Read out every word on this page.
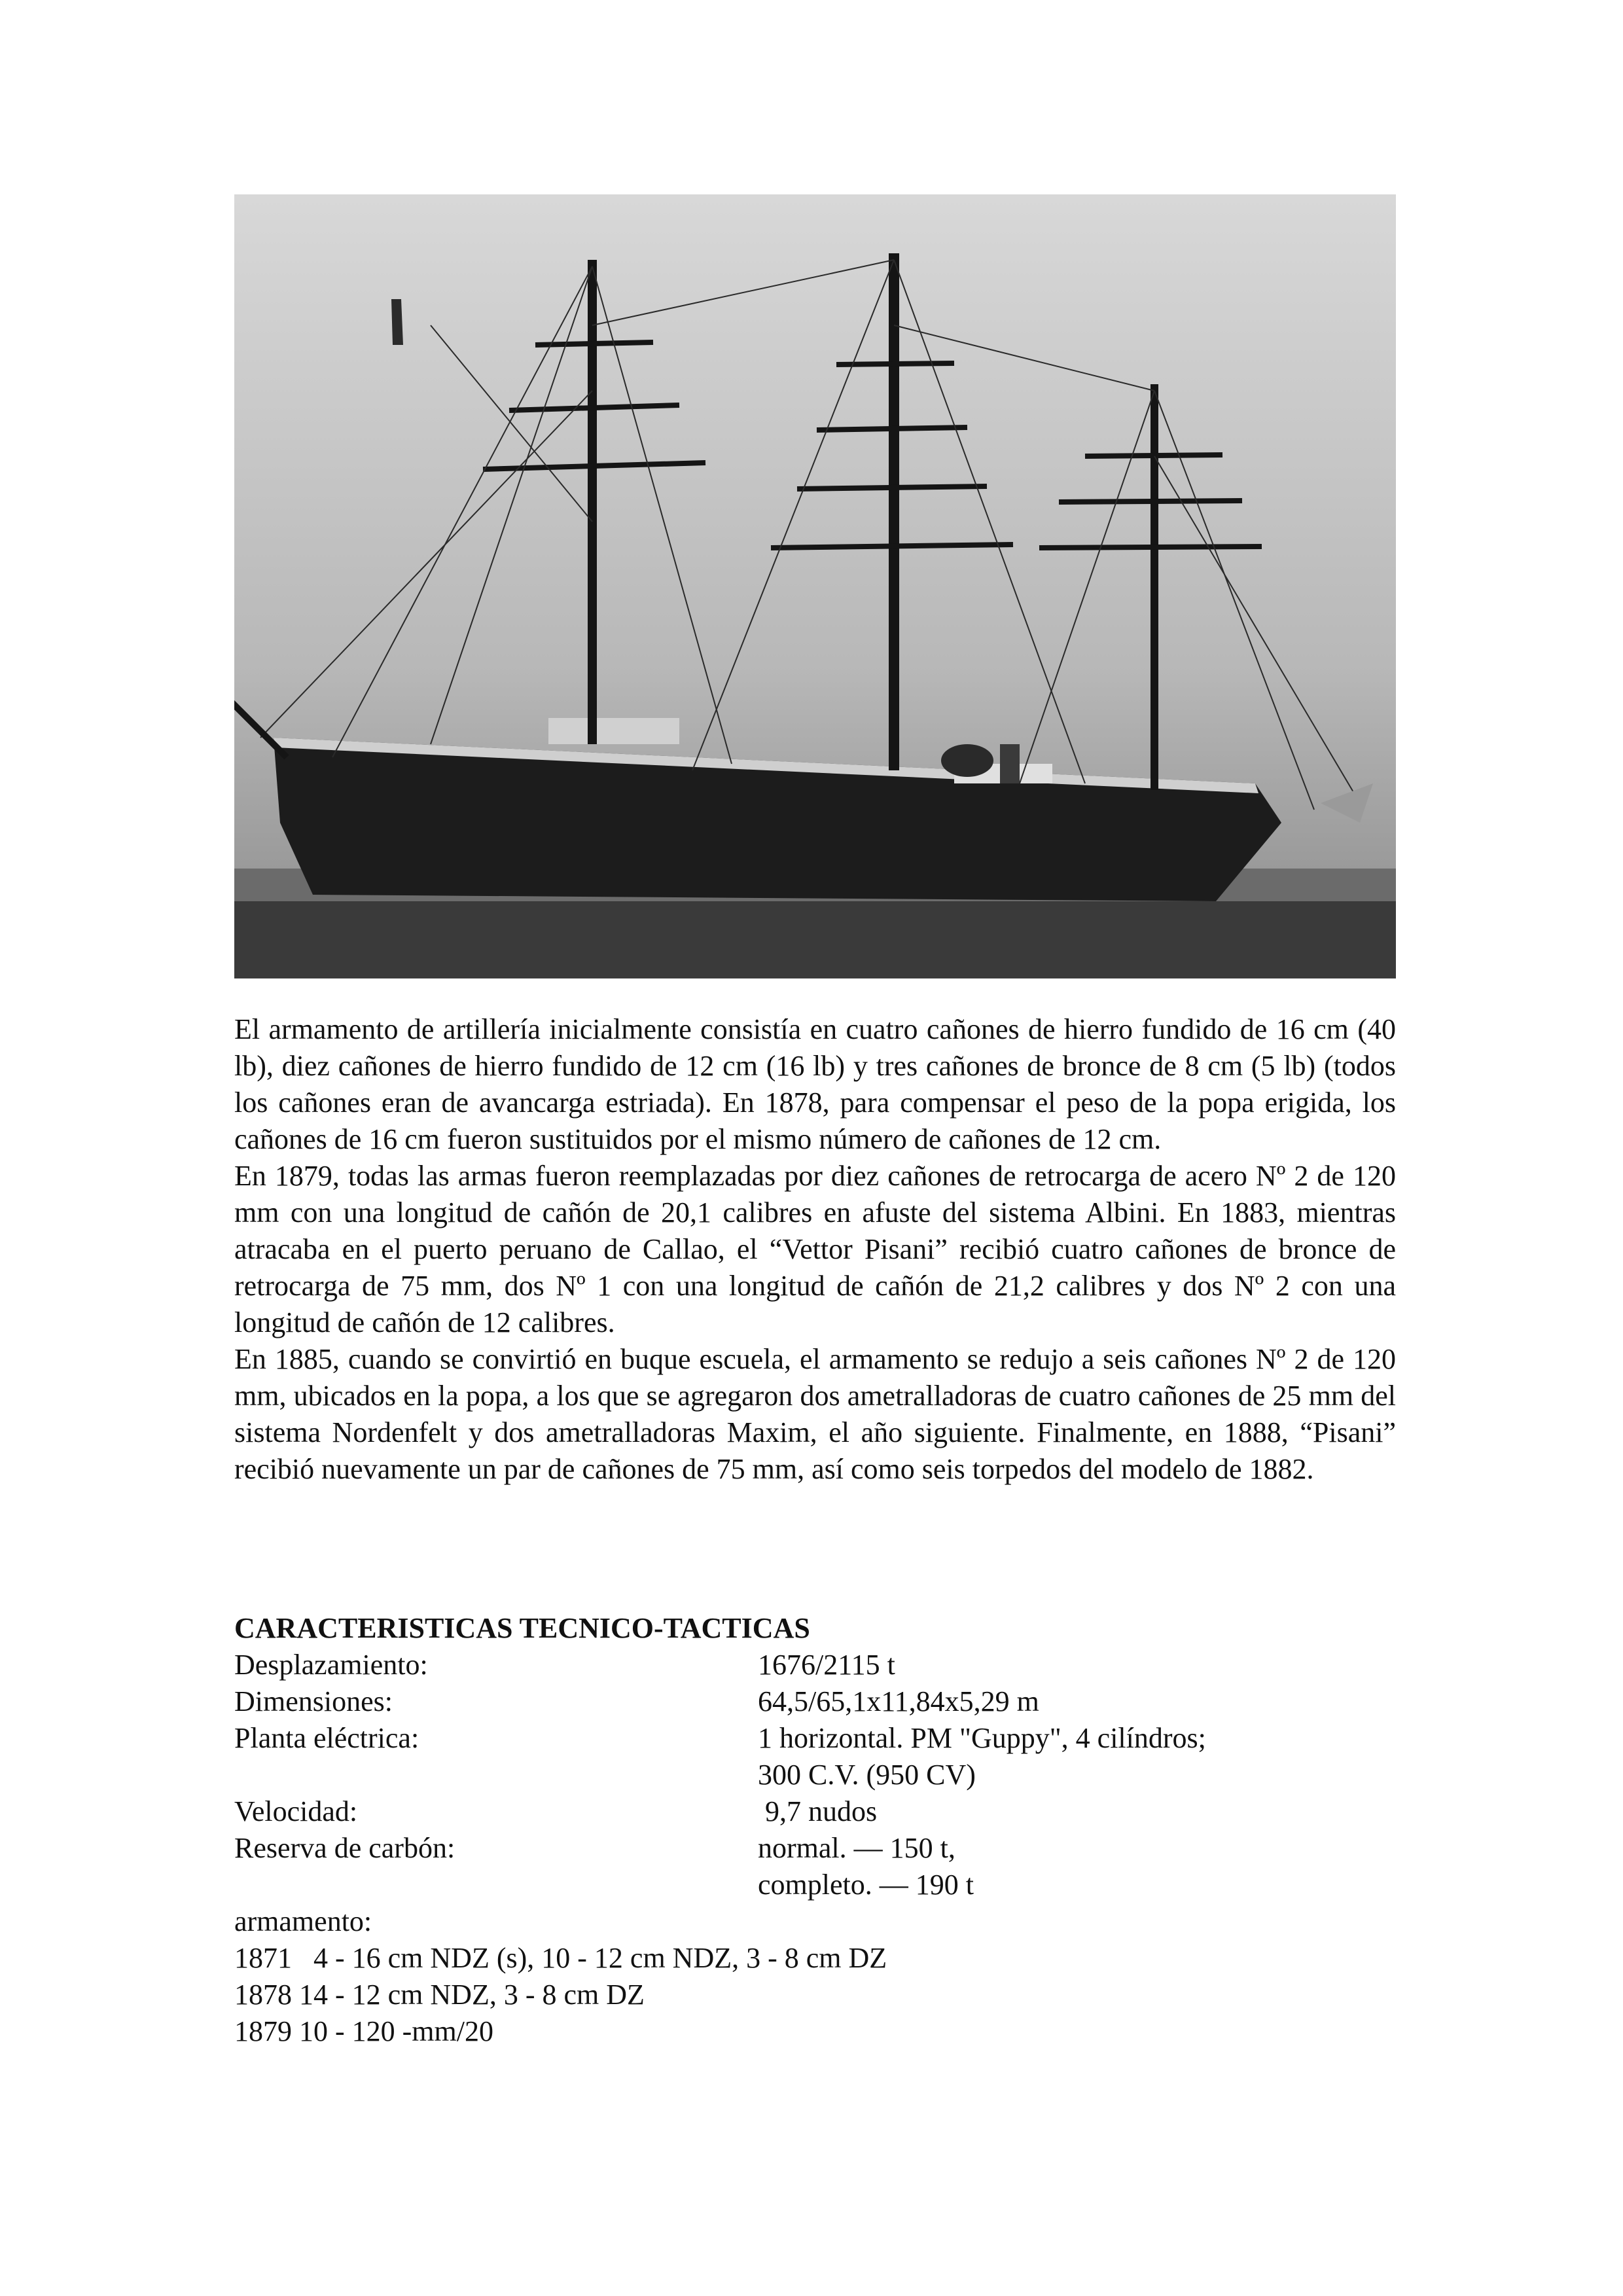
El armamento de artillería inicialmente consistía en cuatro cañones de hierro fundido de 16 cm (40 lb), diez cañones de hierro fundido de 12 cm (16 lb) y tres cañones de bronce de 8 cm (5 lb) (todos los cañones eran de avancarga estriada). En 1878, para compensar el peso de la popa erigida, los cañones de 16 cm fueron sustituidos por el mismo número de cañones de 12 cm.

En 1879, todas las armas fueron reemplazadas por diez cañones de retrocarga de acero Nº 2 de 120 mm con una longitud de cañón de 20,1 calibres en afuste del sistema Albini. En 1883, mientras atracaba en el puerto peruano de Callao, el “Vettor Pisani” recibió cuatro cañones de bronce de retrocarga de 75 mm, dos Nº 1 con una longitud de cañón de 21,2 calibres y dos Nº 2 con una longitud de cañón de 12 calibres.

En 1885, cuando se convirtió en buque escuela, el armamento se redujo a seis cañones Nº 2 de 120 mm, ubicados en la popa, a los que se agregaron dos ametralladoras de cuatro cañones de 25 mm del sistema Nordenfelt y dos ametralladoras Maxim, el año siguiente. Finalmente, en 1888, “Pisani” recibió nuevamente un par de cañones de 75 mm, así como seis torpedos del modelo de 1882.

CARACTERISTICAS TECNICO-TACTICAS
Desplazamiento:	1676/2115 t
Dimensiones:	64,5/65,1x11,84x5,29 m
Planta eléctrica:	1 horizontal. PM "Guppy", 4 cilíndros;
300 C.V. (950 CV)
Velocidad:	9,7 nudos
Reserva de carbón:	normal. — 150 t,
completo. — 190 t
armamento:
1871   4 - 16 cm NDZ (s), 10 - 12 cm NDZ, 3 - 8 cm DZ
1878 14 - 12 cm NDZ, 3 - 8 cm DZ
1879 10 - 120 -mm/20
